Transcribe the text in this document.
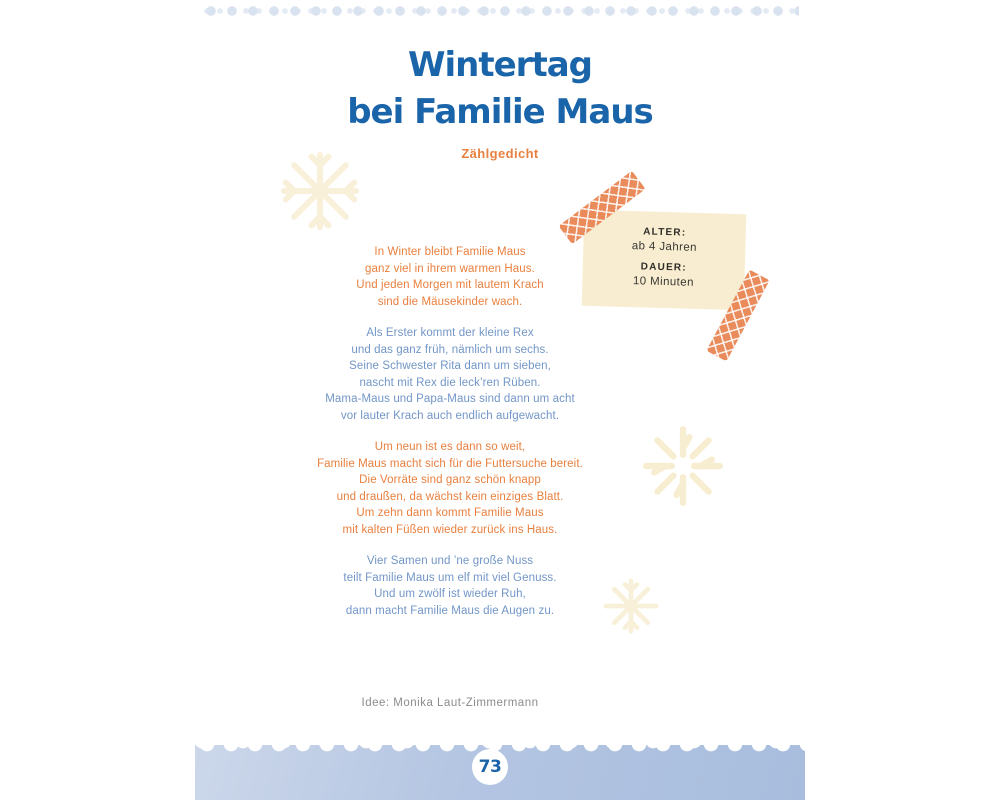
Wintertag
bei Familie Maus
Zählgedicht

ALTER:

ab 4 Jahren

DAUER:

10 Minuten

In Winter bleibt Familie Maus
ganz viel in ihrem warmen Haus.
Und jeden Morgen mit lautem Krach
sind die Mäusekinder wach.

Als Erster kommt der kleine Rex
und das ganz früh, nämlich um sechs.
Seine Schwester Rita dann um sieben,
nascht mit Rex die leck’ren Rüben.
Mama-Maus und Papa-Maus sind dann um acht
vor lauter Krach auch endlich aufgewacht.

Um neun ist es dann so weit,
Familie Maus macht sich für die Futtersuche bereit.
Die Vorräte sind ganz schön knapp
und draußen, da wächst kein einziges Blatt.
Um zehn dann kommt Familie Maus
mit kalten Füßen wieder zurück ins Haus.

Vier Samen und ’ne große Nuss
teilt Familie Maus um elf mit viel Genuss.
Und um zwölf ist wieder Ruh,
dann macht Familie Maus die Augen zu.

Idee: Monika Laut-Zimmermann
73
